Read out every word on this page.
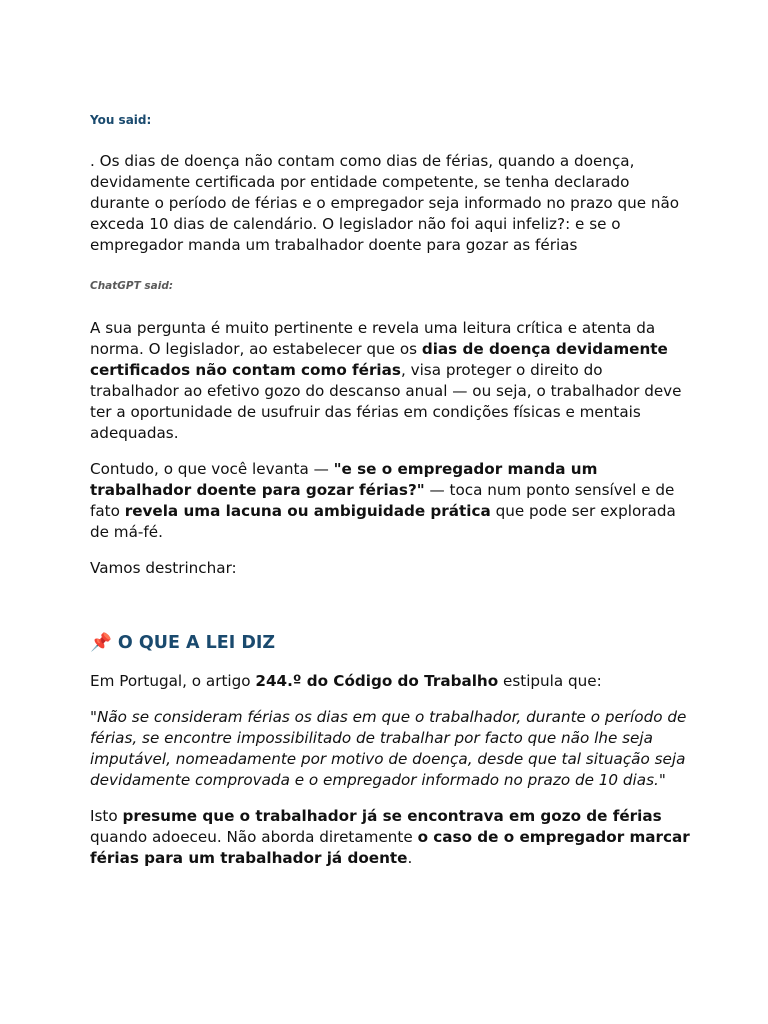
You said:

. Os dias de doença não contam como dias de férias, quando a doença, devidamente certificada por entidade competente, se tenha declarado durante o período de férias e o empregador seja informado no prazo que não exceda 10 dias de calendário. O legislador não foi aqui infeliz?: e se o empregador manda um trabalhador doente para gozar as férias

ChatGPT said:

A sua pergunta é muito pertinente e revela uma leitura crítica e atenta da norma. O legislador, ao estabelecer que os dias de doença devidamente certificados não contam como férias, visa proteger o direito do trabalhador ao efetivo gozo do descanso anual — ou seja, o trabalhador deve ter a oportunidade de usufruir das férias em condições físicas e mentais adequadas.

Contudo, o que você levanta — "e se o empregador manda um trabalhador doente para gozar férias?" — toca num ponto sensível e de fato revela uma lacuna ou ambiguidade prática que pode ser explorada de má-fé.

Vamos destrinchar:

📌 O QUE A LEI DIZ

Em Portugal, o artigo 244.º do Código do Trabalho estipula que:

"Não se consideram férias os dias em que o trabalhador, durante o período de férias, se encontre impossibilitado de trabalhar por facto que não lhe seja imputável, nomeadamente por motivo de doença, desde que tal situação seja devidamente comprovada e o empregador informado no prazo de 10 dias."

Isto presume que o trabalhador já se encontrava em gozo de férias quando adoeceu. Não aborda diretamente o caso de o empregador marcar férias para um trabalhador já doente.
